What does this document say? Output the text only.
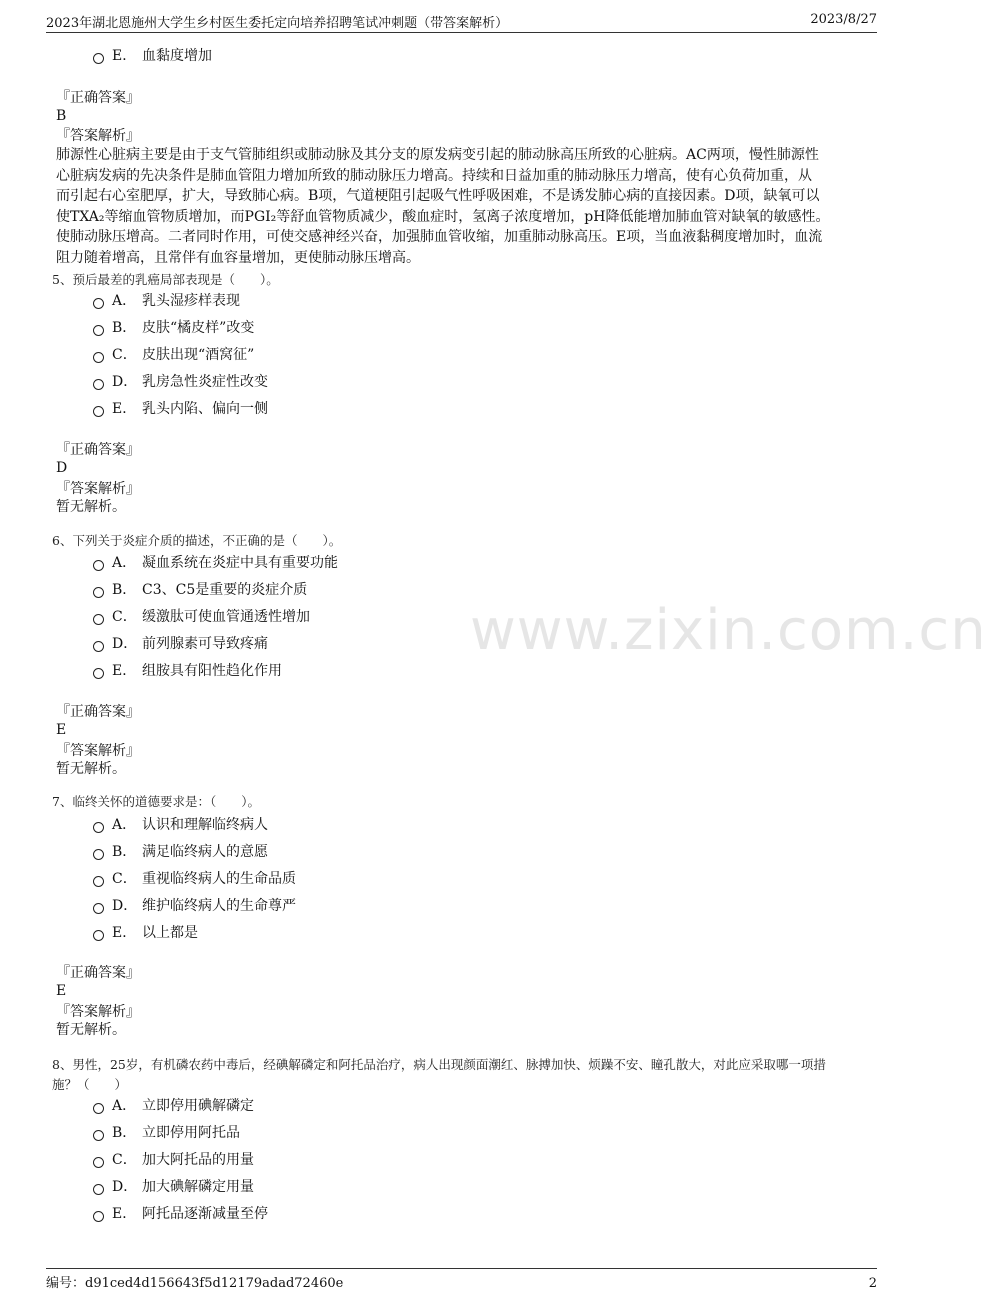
2023年湖北恩施州大学生乡村医生委托定向培养招聘笔试冲刺题（带答案解析）	2023/8/27
www.zixin.com.cn
E． 血黏度增加
『正确答案』
B
『答案解析』
肺源性心脏病主要是由于支气管肺组织或肺动脉及其分支的原发病变引起的肺动脉高压所致的心脏病。AC两项，慢性肺源性
心脏病发病的先决条件是肺血管阻力增加所致的肺动脉压力增高。持续和日益加重的肺动脉压力增高，使有心负荷加重，从
而引起右心室肥厚，扩大，导致肺心病。B项，气道梗阻引起吸气性呼吸困难，不是诱发肺心病的直接因素。D项，缺氧可以
使TXA₂等缩血管物质增加，而PGI₂等舒血管物质减少，酸血症时，氢离子浓度增加，pH降低能增加肺血管对缺氧的敏感性。
使肺动脉压增高。二者同时作用，可使交感神经兴奋，加强肺血管收缩，加重肺动脉高压。E项，当血液黏稠度增加时，血流
阻力随着增高，且常伴有血容量增加，更使肺动脉压增高。
5、预后最差的乳癌局部表现是（　　）。
A． 乳头湿疹样表现
B． 皮肤“橘皮样”改变
C． 皮肤出现“酒窝征”
D． 乳房急性炎症性改变
E． 乳头内陷、偏向一侧
『正确答案』
D
『答案解析』
暂无解析。
6、下列关于炎症介质的描述，不正确的是（　　）。
A． 凝血系统在炎症中具有重要功能
B． C3、C5是重要的炎症介质
C． 缓激肽可使血管通透性增加
D． 前列腺素可导致疼痛
E． 组胺具有阳性趋化作用
『正确答案』
E
『答案解析』
暂无解析。
7、临终关怀的道德要求是：（　　）。
A． 认识和理解临终病人
B． 满足临终病人的意愿
C． 重视临终病人的生命品质
D． 维护临终病人的生命尊严
E． 以上都是
『正确答案』
E
『答案解析』
暂无解析。
8、男性，25岁，有机磷农药中毒后，经碘解磷定和阿托品治疗，病人出现颜面潮红、脉搏加快、烦躁不安、瞳孔散大，对此应采取哪一项措
施？（　　）
A． 立即停用碘解磷定
B． 立即停用阿托品
C． 加大阿托品的用量
D． 加大碘解磷定用量
E． 阿托品逐渐减量至停
编号：d91ced4d156643f5d12179adad72460e	2
